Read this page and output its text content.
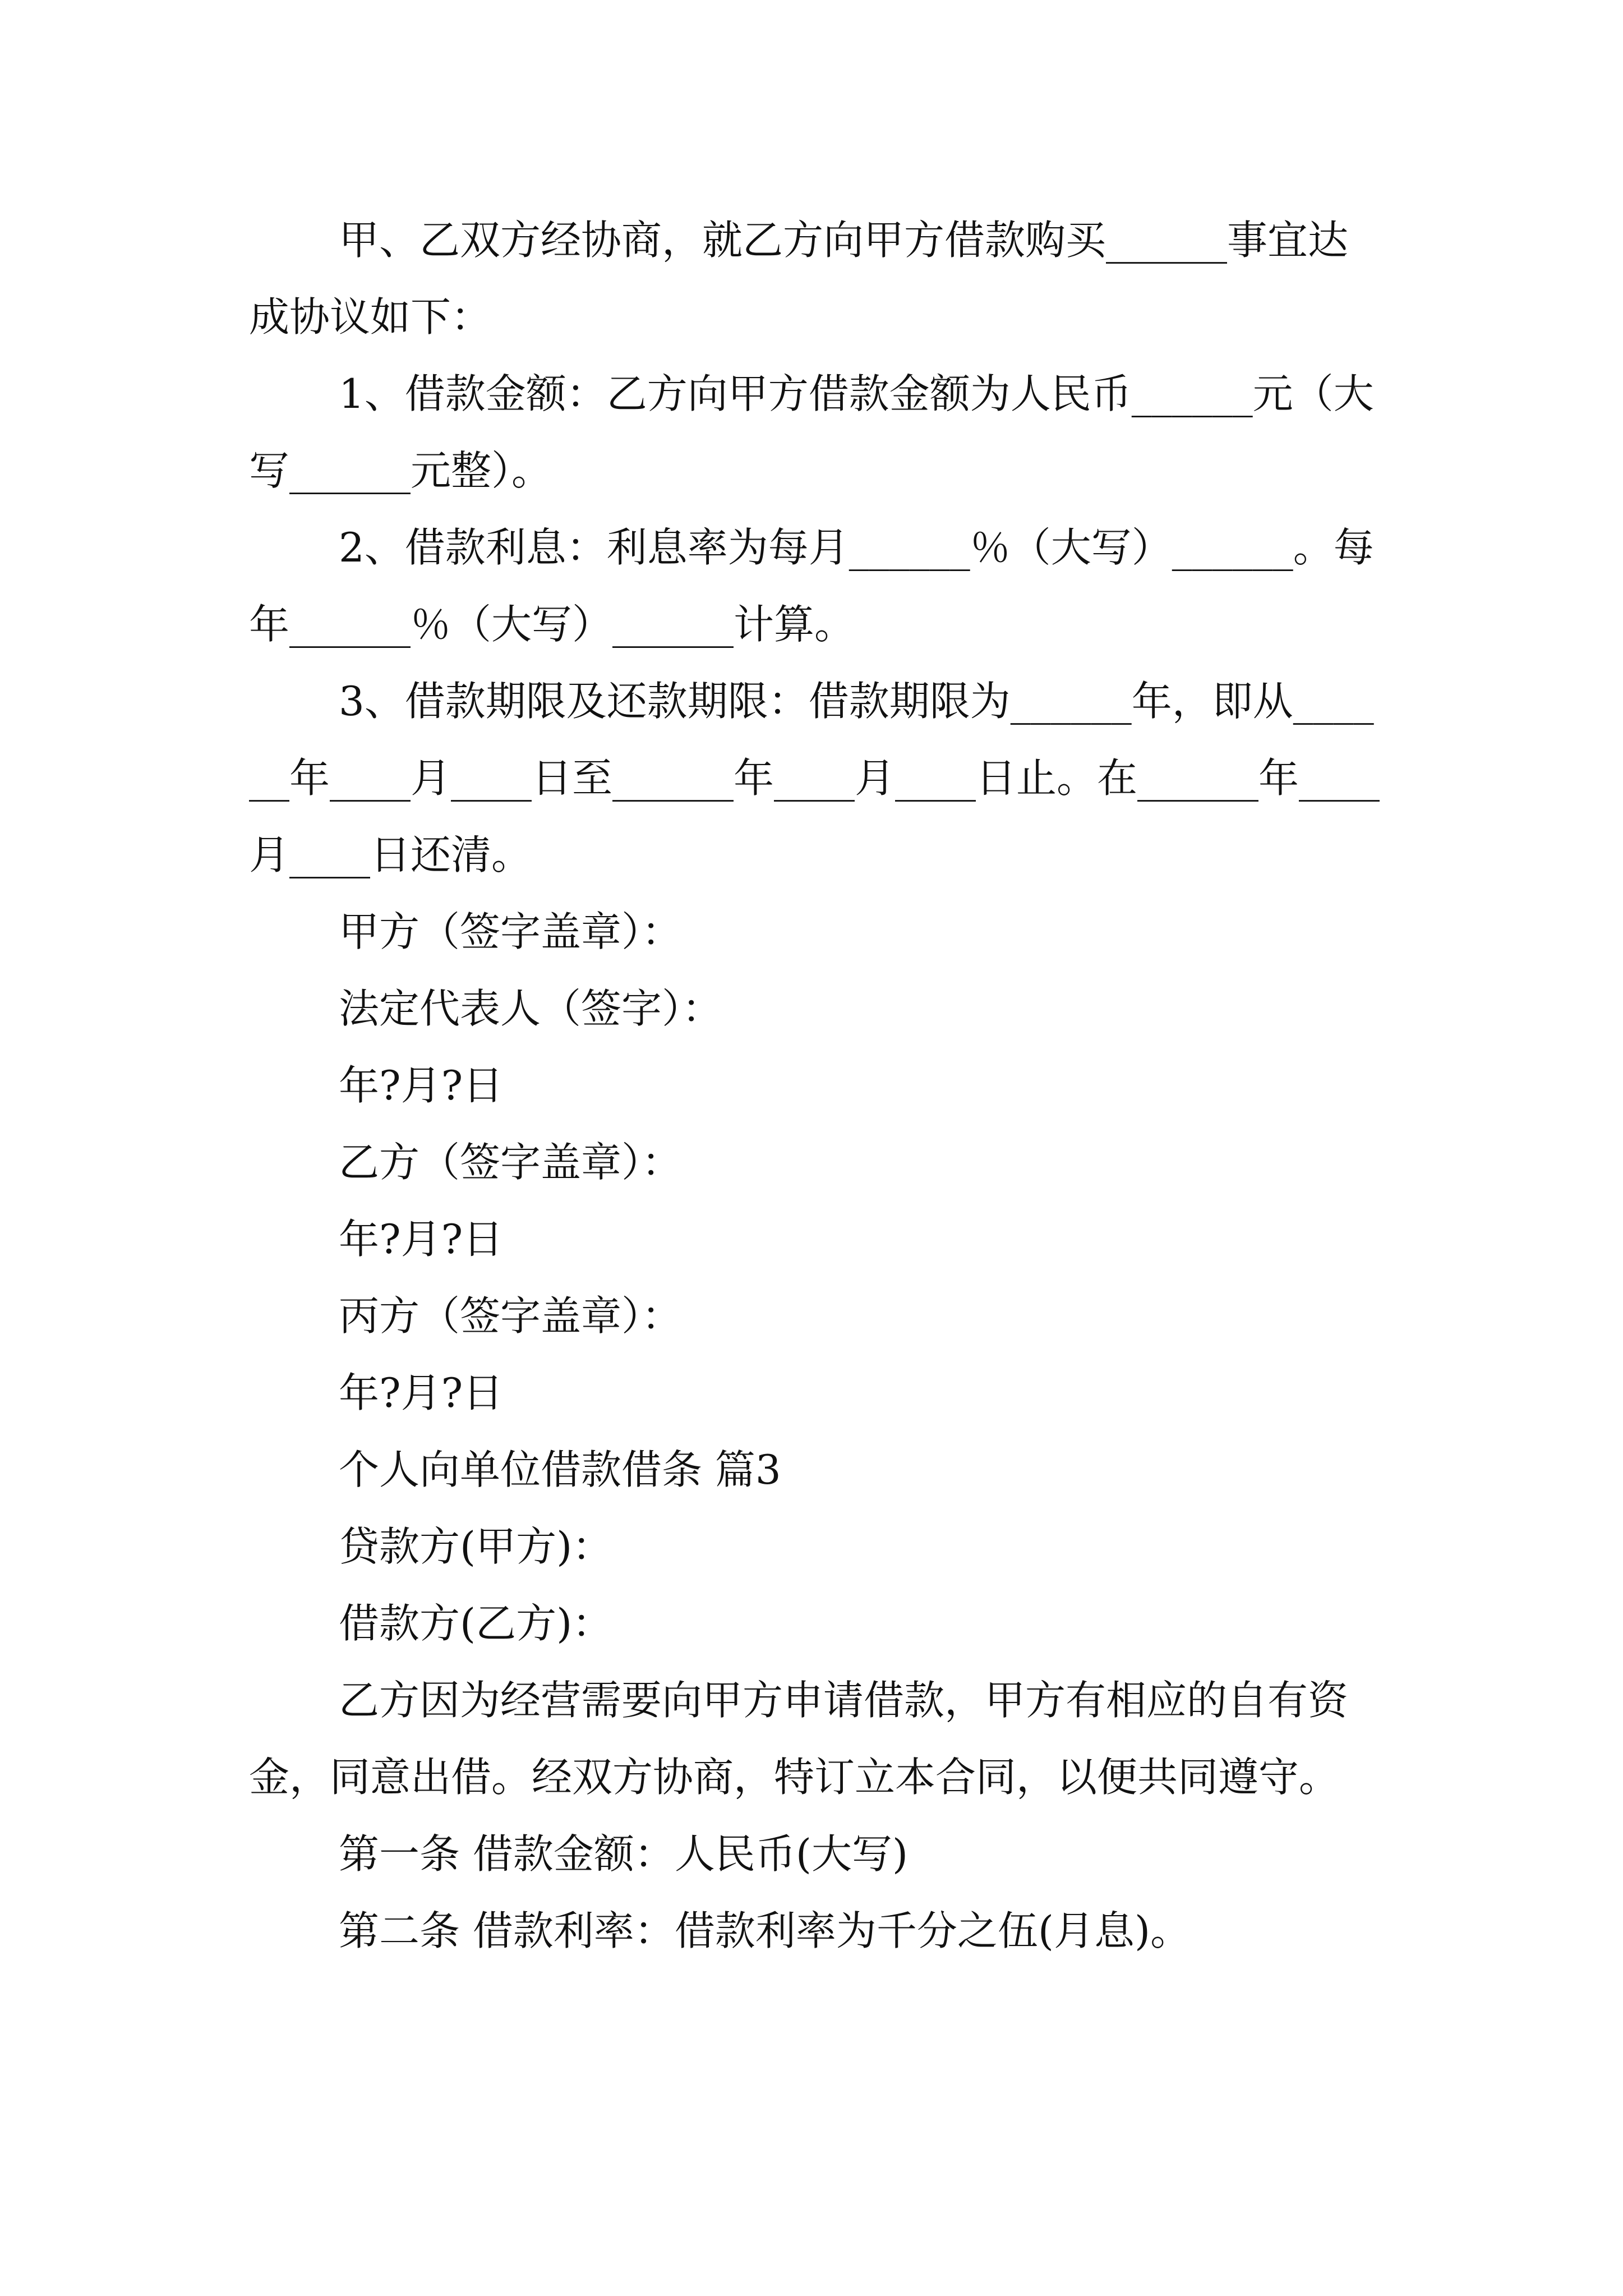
甲、乙双方经协商，就乙方向甲方借款购买______事宜达成协议如下：

1、借款金额：乙方向甲方借款金额为人民币______元（大写______元整）。

2、借款利息：利息率为每月______％（大写）______。每年______％（大写）______计算。

3、借款期限及还款期限：借款期限为______年，即从______年____月____日至______年____月____日止。在______年____月____日还清。

甲方（签字盖章）：

法定代表人（签字）：

年?月?日

乙方（签字盖章）：

年?月?日

丙方（签字盖章）：

年?月?日

个人向单位借款借条 篇3

贷款方(甲方)：

借款方(乙方)：

乙方因为经营需要向甲方申请借款，甲方有相应的自有资金，同意出借。经双方协商，特订立本合同，以便共同遵守。

第一条 借款金额：人民币(大写)

第二条 借款利率：借款利率为千分之伍(月息)。
